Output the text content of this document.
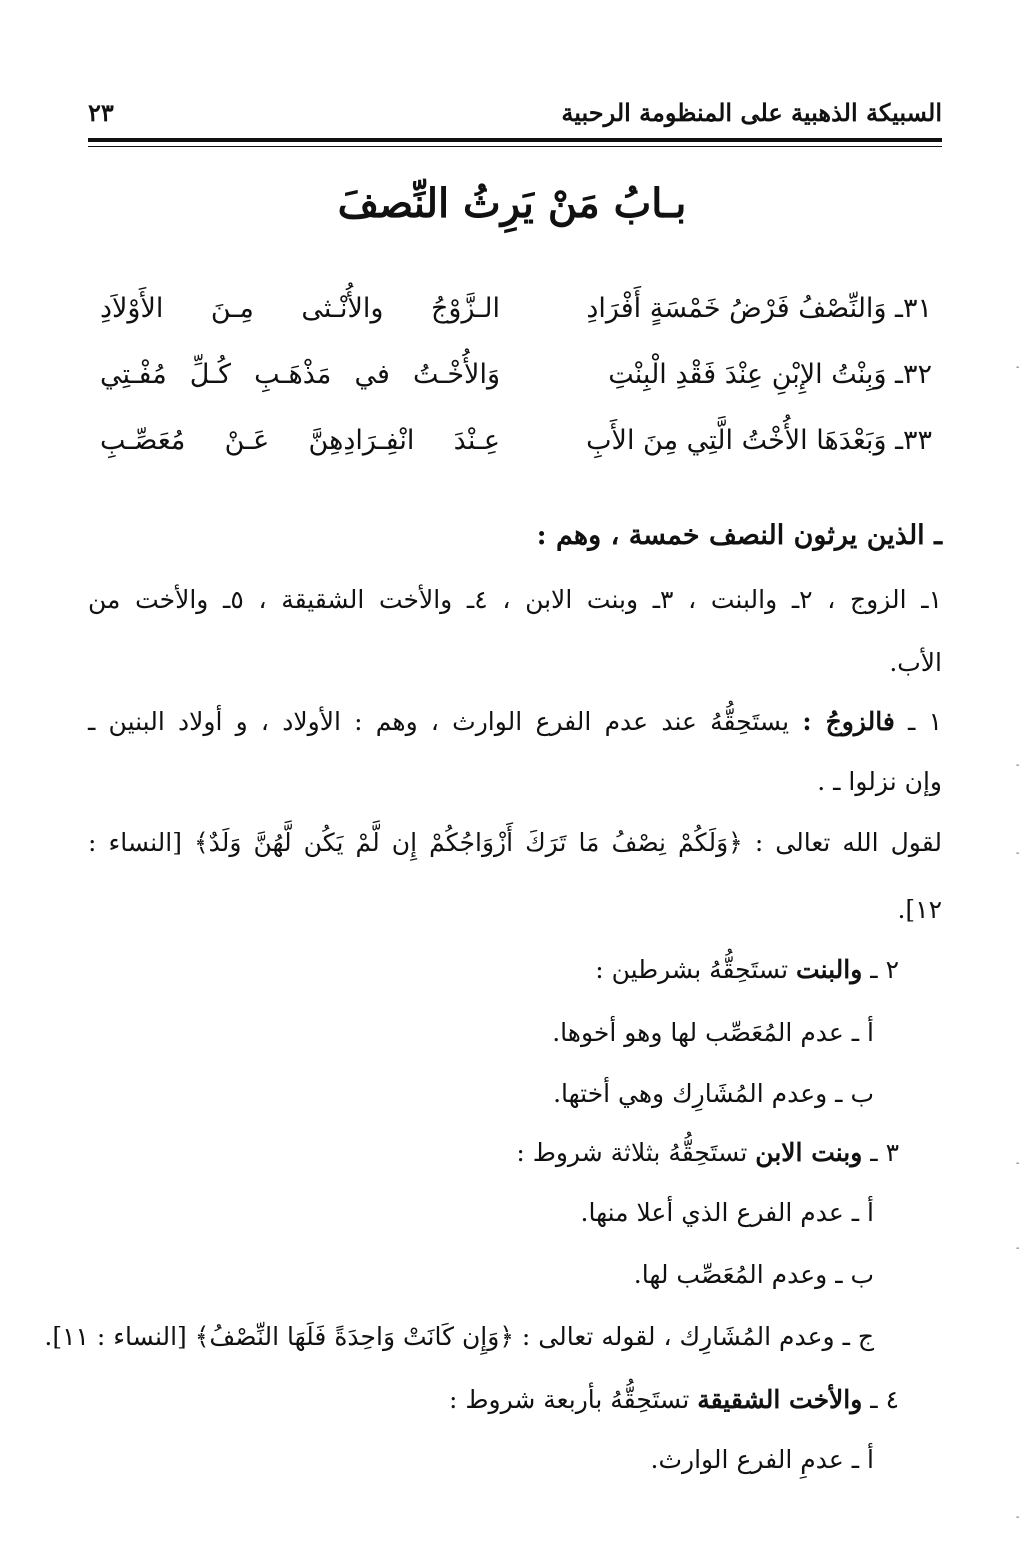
السبيكة الذهبية على المنظومة الرحبية
٢٣
بـابُ مَنْ يَرِثُ النِّصفَ
٣١ـ وَالنِّصْفُ فَرْضُ خَمْسَةٍ أَفْرَادِ
الـزَّوْجُ والأُنْـثى مِـنَ الأَوْلاَدِ
٣٢ـ وَبِنْتُ الإِبْنِ عِنْدَ فَقْدِ الْبِنْتِ
وَالأُخْـتُ في مَذْهَـبِ كُـلِّ مُفْـتِي
٣٣ـ وَبَعْدَهَا الأُخْتُ الَّتِي مِنَ الأَبِ
عِـنْدَ انْفِـرَادِهِنَّ عَـنْ مُعَصِّـبِ
ـ الذين يرثون النصف خمسة ، وهم :
١ـ الزوج ، ٢ـ والبنت ، ٣ـ وبنت الابن ، ٤ـ والأخت الشقيقة ، ٥ـ والأخت من
الأب.
١ ـ فالزوجُ : يستَحِقُّهُ عند عدم الفرع الوارث ، وهم : الأولاد ، و أولاد البنين ـ
وإن نزلوا ـ .
لقول الله تعالى : ﴿وَلَكُمْ نِصْفُ مَا تَرَكَ أَزْوَاجُكُمْ إِن لَّمْ يَكُن لَّهُنَّ وَلَدٌ﴾ [النساء :
١٢].
٢ ـ والبنت تستَحِقُّهُ بشرطين :
أ ـ عدم المُعَصِّب لها وهو أخوها.
ب ـ وعدم المُشَارِك وهي أختها.
٣ ـ وبنت الابن تستَحِقُّهُ بثلاثة شروط :
أ ـ عدم الفرع الذي أعلا منها.
ب ـ وعدم المُعَصِّب لها.
ج ـ وعدم المُشَارِك ، لقوله تعالى : ﴿وَإِن كَانَتْ وَاحِدَةً فَلَهَا النِّصْفُ﴾ [النساء : ١١].
٤ ـ والأخت الشقيقة تستَحِقُّهُ بأربعة شروط :
أ ـ عدمِ الفرع الوارث.
-
-
-
-
-
-
